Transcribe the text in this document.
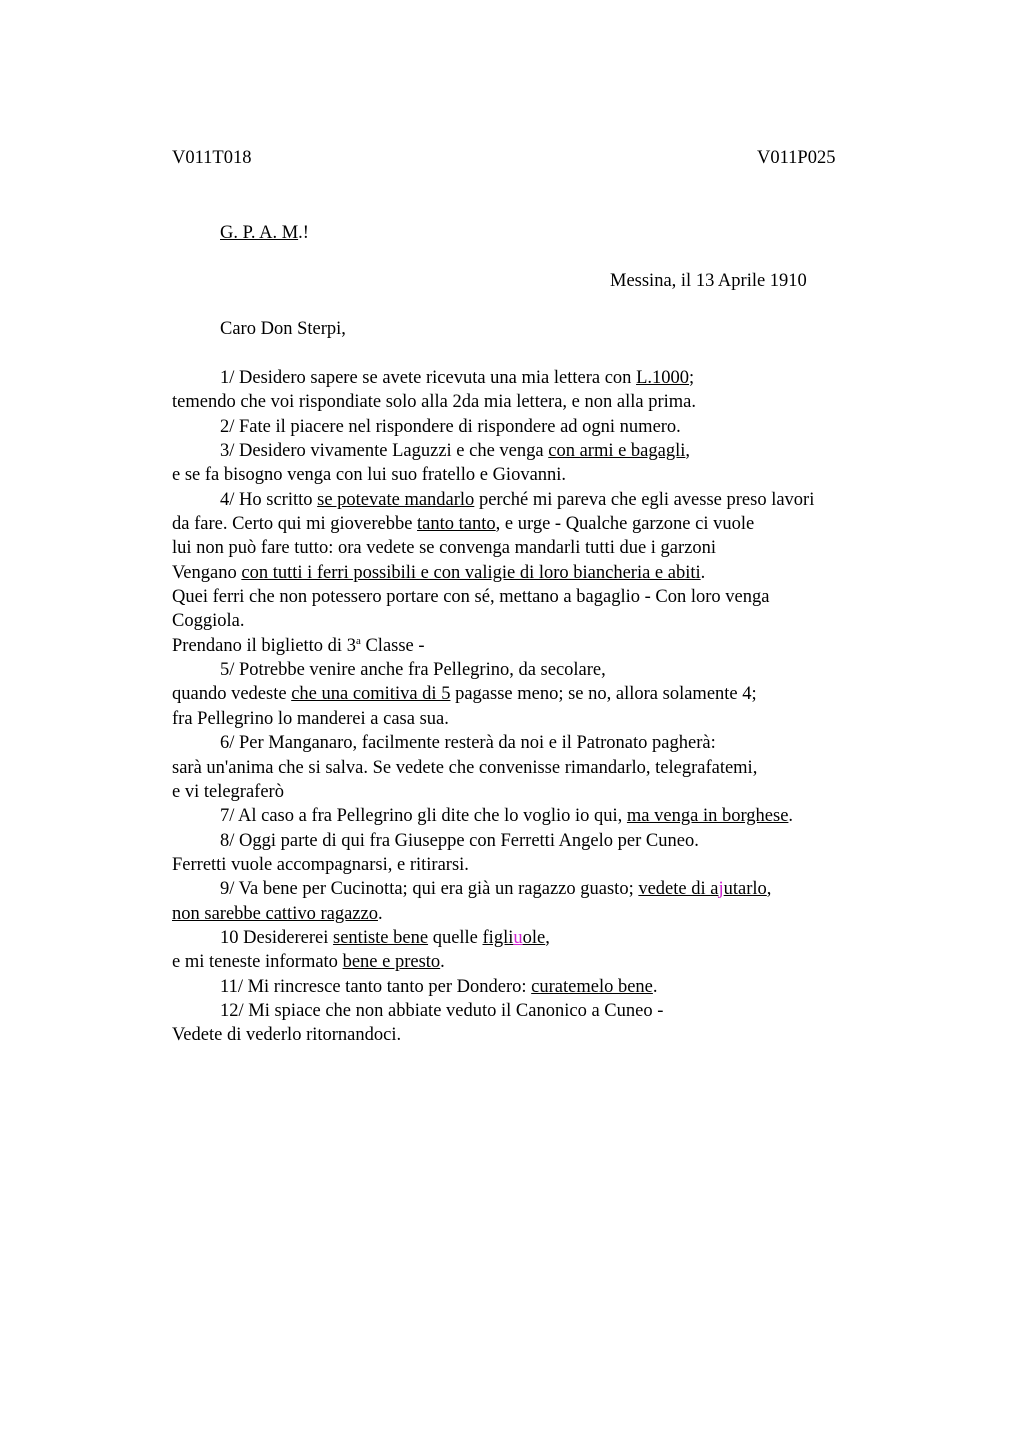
V011T018	V011P025
G. P. A. M.!
Messina, il 13 Aprile 1910
Caro Don Sterpi,
1/ Desidero sapere se avete ricevuta una mia lettera con L.1000;
temendo che voi rispondiate solo alla 2da mia lettera, e non alla prima.
2/ Fate il piacere nel rispondere di rispondere ad ogni numero.
3/ Desidero vivamente Laguzzi e che venga con armi e bagagli,
e se fa bisogno venga con lui suo fratello e Giovanni.
4/ Ho scritto se potevate mandarlo perché mi pareva che egli avesse preso lavori
da fare. Certo qui mi gioverebbe tanto tanto, e urge - Qualche garzone ci vuole
lui non può fare tutto: ora vedete se convenga mandarli tutti due i garzoni
Vengano con tutti i ferri possibili e con valigie di loro biancheria e abiti.
Quei ferri che non potessero portare con sé, mettano a bagaglio - Con loro venga
Coggiola.
Prendano il biglietto di 3$^a$ Classe -
5/ Potrebbe venire anche fra Pellegrino, da secolare,
quando vedeste che una comitiva di 5 pagasse meno; se no, allora solamente 4;
fra Pellegrino lo manderei a casa sua.
6/ Per Manganaro, facilmente resterà da noi e il Patronato pagherà:
sarà un'anima che si salva. Se vedete che convenisse rimandarlo, telegrafatemi,
e vi telegraferò
7/ Al caso a fra Pellegrino gli dite che lo voglio io qui, ma venga in borghese.
8/ Oggi parte di qui fra Giuseppe con Ferretti Angelo per Cuneo.
Ferretti vuole accompagnarsi, e ritirarsi.
9/ Va bene per Cucinotta; qui era già un ragazzo guasto; vedete di ajutarlo,
non sarebbe cattivo ragazzo.
10 Desidererei sentiste bene quelle figliuole,
e mi teneste informato bene e presto.
11/ Mi rincresce tanto tanto per Dondero: curatemelo bene.
12/ Mi spiace che non abbiate veduto il Canonico a Cuneo -
Vedete di vederlo ritornandoci.
